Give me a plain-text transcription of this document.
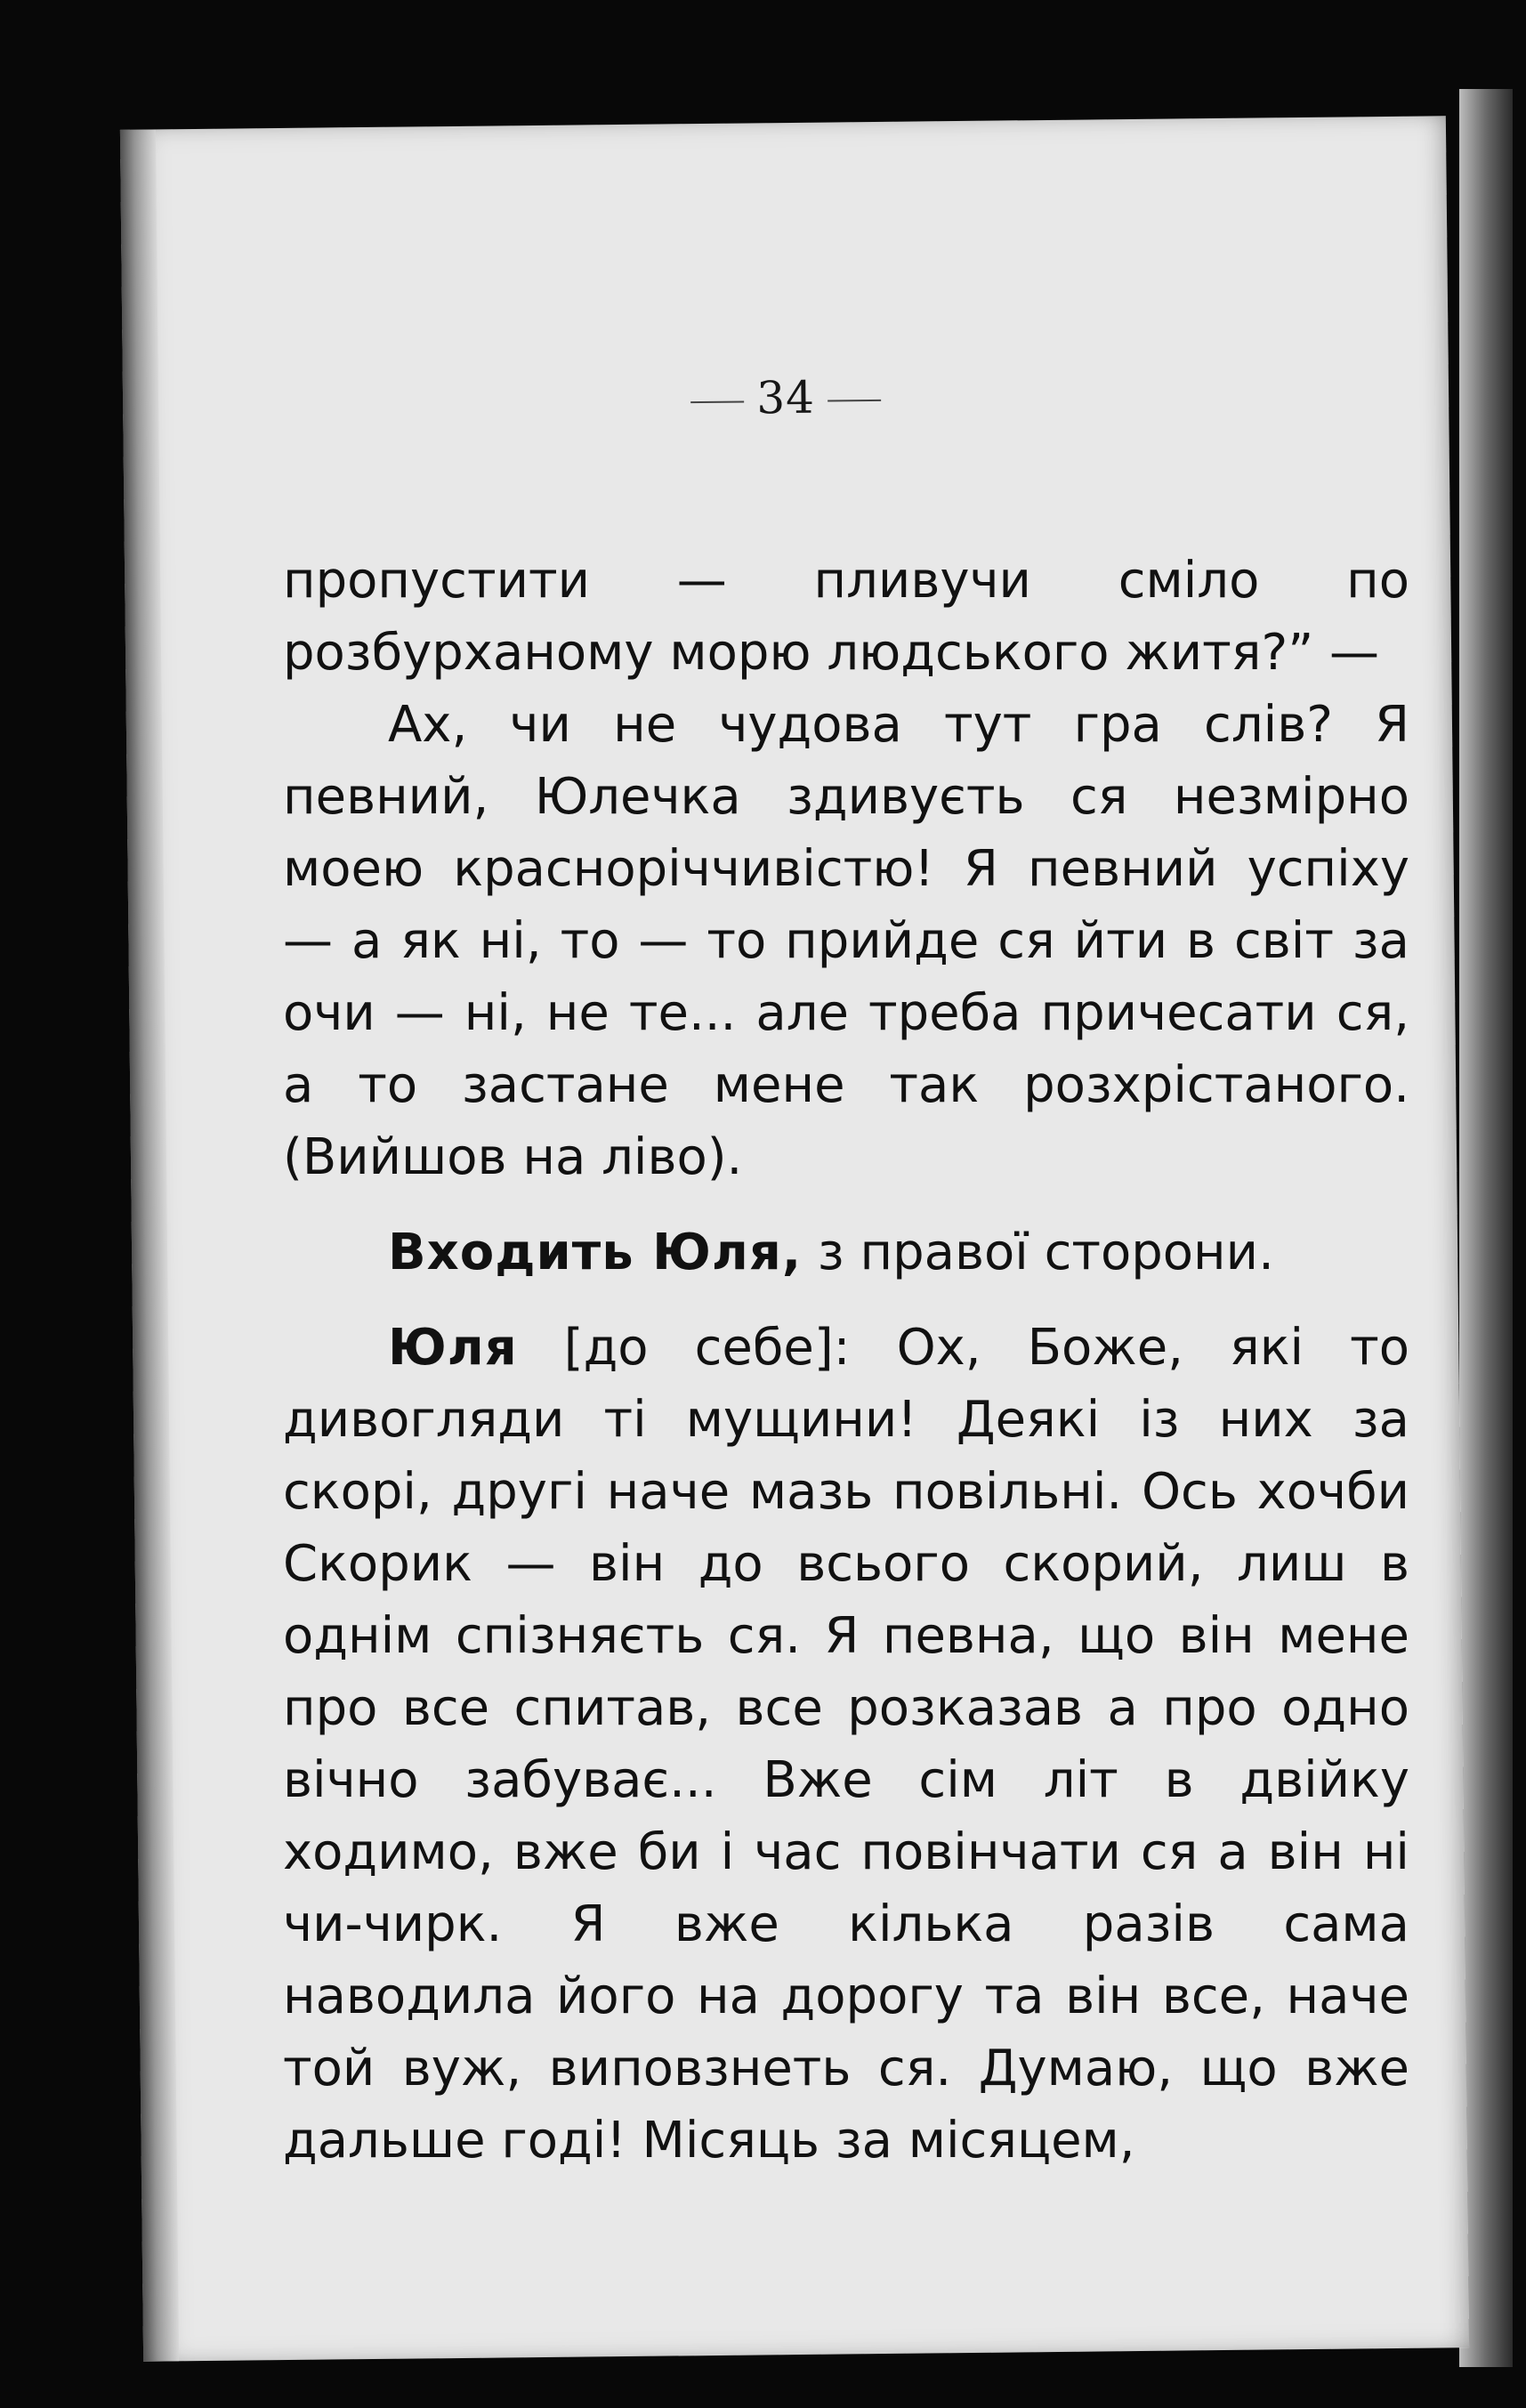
34

пропустити — пливучи сміло по розбурханому морю людського житя?” —

Ах, чи не чудова тут гра слів? Я певний, Юлечка здивуєть ся незмірно моею красноріччивістю! Я певний успіху — а як ні, то — то прийде ся йти в світ за очи — ні, не те... але треба причесати ся, а то застане мене так розхрістаного. (Вийшов на ліво).

Входить Юля, з правої сторони.

Юля [до себе]: Ох, Боже, які то дивогляди ті мущини! Деякі із них за скорі, другі наче мазь повільні. Ось хочби Скорик — він до всього скорий, лиш в однім спізняєть ся. Я певна, що він мене про все спитав, все розказав а про одно вічно забуває... Вже сім літ в двійку ходимо, вже би і час повінчати ся а він ні чи-чирк. Я вже кілька разів сама наводила його на дорогу та він все, наче той вуж, виповзнеть ся. Думаю, що вже дальше годі! Місяць за місяцем,
